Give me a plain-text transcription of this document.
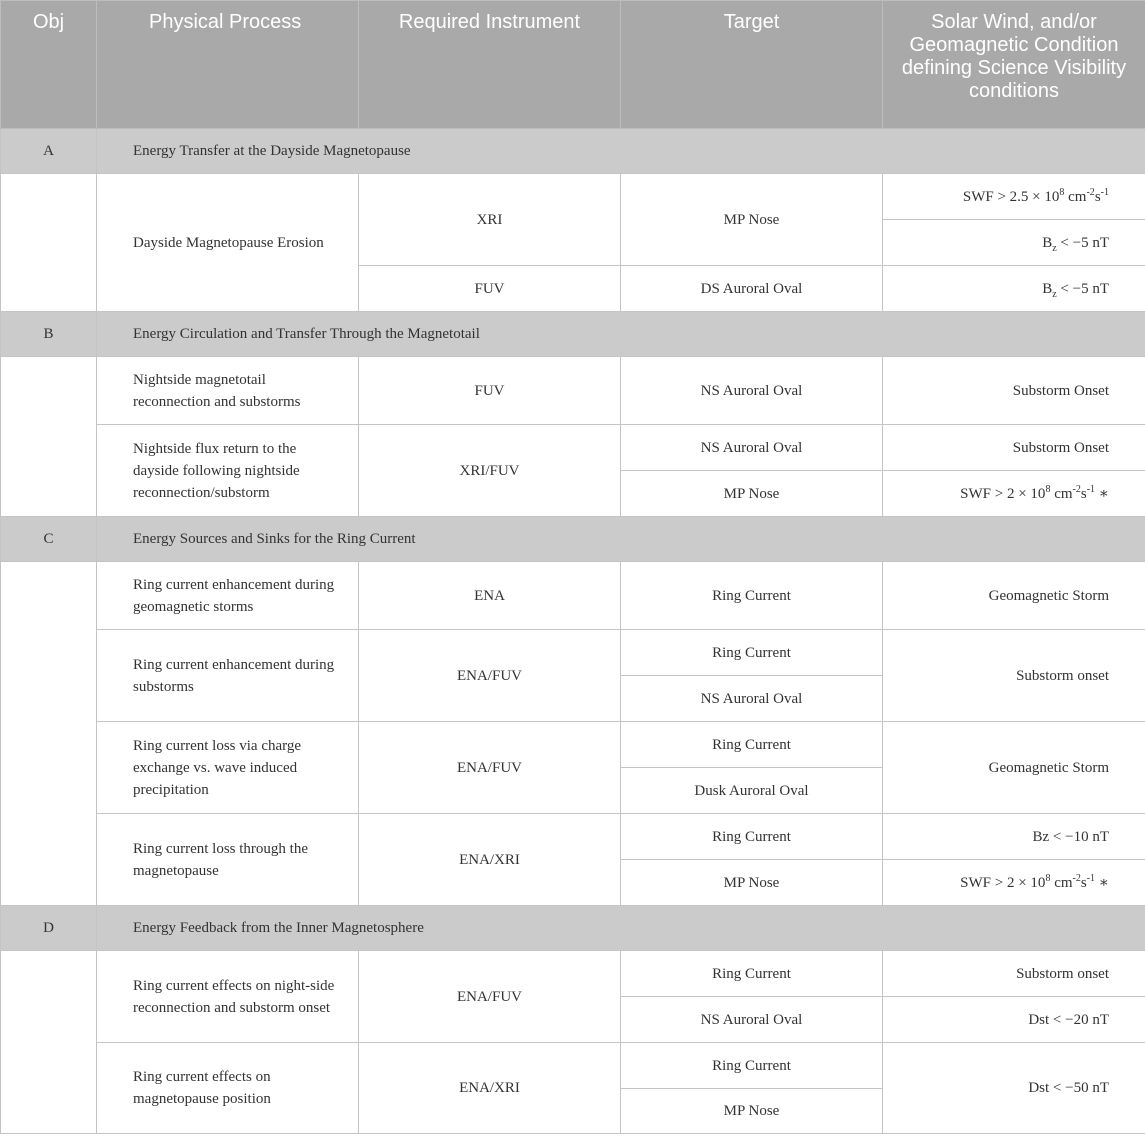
Obj	Physical Process	Required Instrument	Target	Solar Wind, and/or Geomagnetic Condition defining Science Visibility conditions
A	Energy Transfer at the Dayside Magnetopause			
	Dayside Magnetopause Erosion	XRI	MP Nose	SWF > $2.5 \times 10^8$ $cm^{-2}s^{-1}$
				$B_z < -5$ nT
		FUV	DS Auroral Oval	$B_z < -5$ nT
B	Energy Circulation and Transfer Through the Magnetotail			
	Nightside magnetotail reconnection and substorms	FUV	NS Auroral Oval	Substorm Onset
	Nightside flux return to the dayside following nightside reconnection/substorm	XRI/FUV	NS Auroral Oval	Substorm Onset
			MP Nose	SWF > $2 \times 10^8$ $cm^{-2}s^{-1}$ ∗
C	Energy Sources and Sinks for the Ring Current			
	Ring current enhancement during geomagnetic storms	ENA	Ring Current	Geomagnetic Storm
	Ring current enhancement during substorms	ENA/FUV	Ring Current	Substorm onset
			NS Auroral Oval	
	Ring current loss via charge exchange vs. wave induced precipitation	ENA/FUV	Ring Current	Geomagnetic Storm
			Dusk Auroral Oval	
	Ring current loss through the magnetopause	ENA/XRI	Ring Current	Bz < −10 nT
			MP Nose	SWF > $2 \times 10^8$ $cm^{-2}s^{-1}$ ∗
D	Energy Feedback from the Inner Magnetosphere			
	Ring current effects on night-side reconnection and substorm onset	ENA/FUV	Ring Current	Substorm onset
			NS Auroral Oval	Dst < −20 nT
	Ring current effects on magnetopause position	ENA/XRI	Ring Current	Dst < −50 nT
			MP Nose	
